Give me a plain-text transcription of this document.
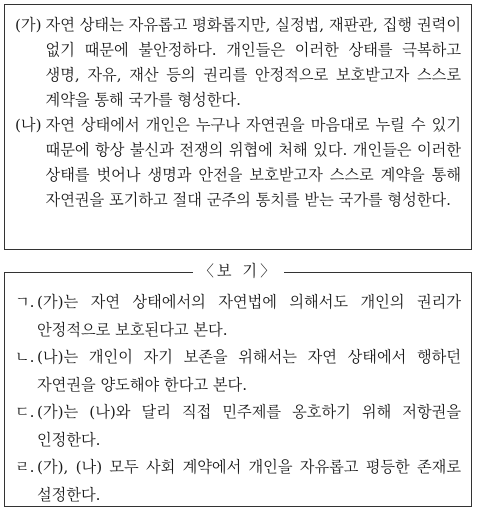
(가) 자연 상태는 자유롭고 평화롭지만, 실정법, 재판관, 집행 권력이 없기 때문에 불안정하다. 개인들은 이러한 상태를 극복하고 생명, 자유, 재산 등의 권리를 안정적으로 보호받고자 스스로 계약을 통해 국가를 형성한다.
(나) 자연 상태에서 개인은 누구나 자연권을 마음대로 누릴 수 있기 때문에 항상 불신과 전쟁의 위협에 처해 있다. 개인들은 이러한 상태를 벗어나 생명과 안전을 보호받고자 스스로 계약을 통해 자연권을 포기하고 절대 군주의 통치를 받는 국가를 형성한다.
〈보 기〉
ㄱ. (가)는 자연 상태에서의 자연법에 의해서도 개인의 권리가 안정적으로 보호된다고 본다.
ㄴ. (나)는 개인이 자기 보존을 위해서는 자연 상태에서 행하던 자연권을 양도해야 한다고 본다.
ㄷ. (가)는 (나)와 달리 직접 민주제를 옹호하기 위해 저항권을 인정한다.
ㄹ. (가), (나) 모두 사회 계약에서 개인을 자유롭고 평등한 존재로 설정한다.
